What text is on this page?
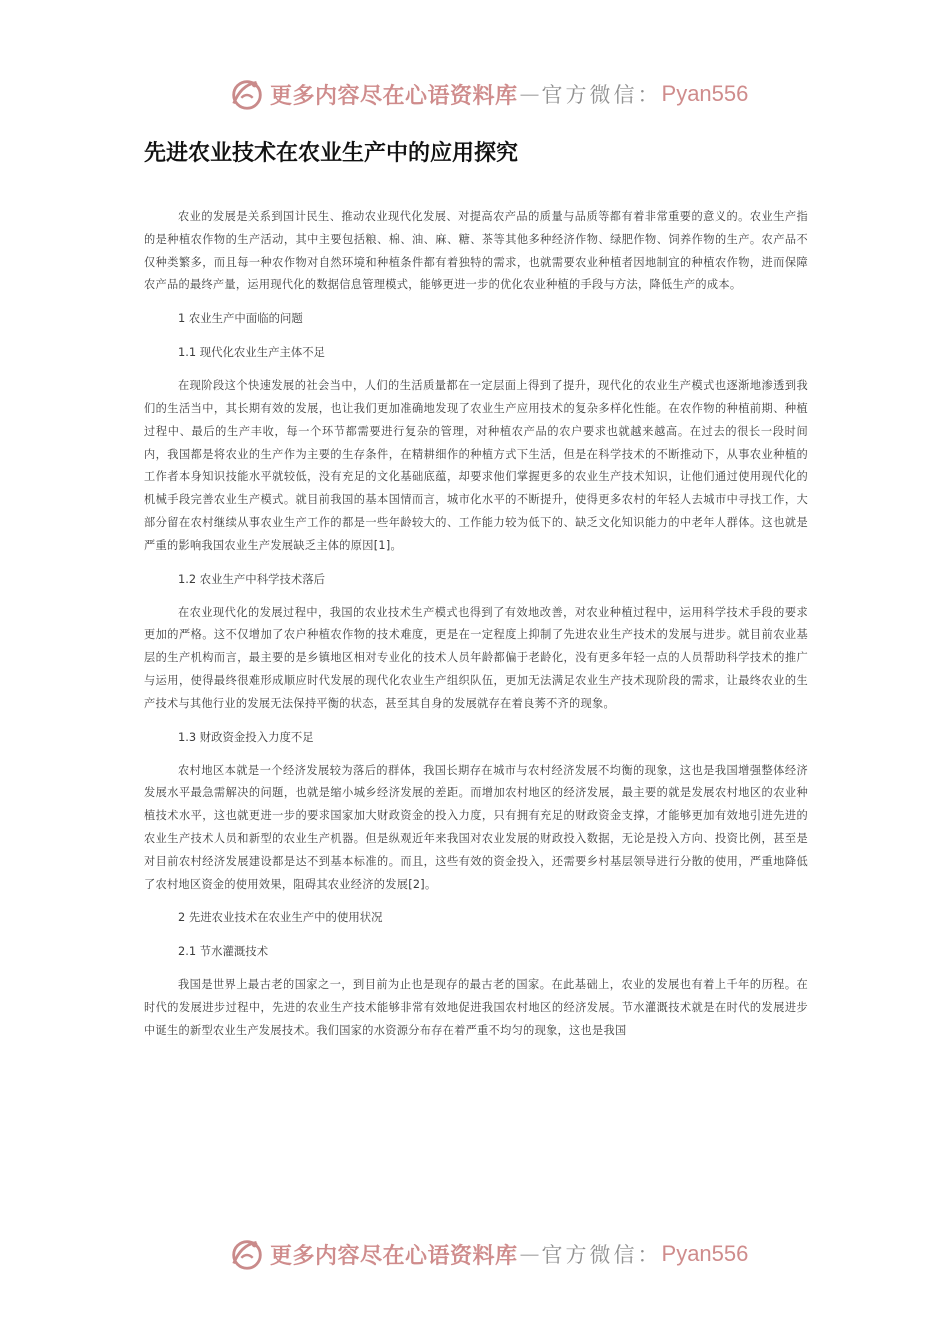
更多内容尽在心语资料库 — 官方微信： Pyan556
先进农业技术在农业生产中的应用探究

农业的发展是关系到国计民生、推动农业现代化发展、对提高农产品的质量与品质等都有着非常重要的意义的。农业生产指的是种植农作物的生产活动，其中主要包括粮、棉、油、麻、糖、茶等其他多种经济作物、绿肥作物、饲养作物的生产。农产品不仅种类繁多，而且每一种农作物对自然环境和种植条件都有着独特的需求，也就需要农业种植者因地制宜的种植农作物，进而保障农产品的最终产量，运用现代化的数据信息管理模式，能够更进一步的优化农业种植的手段与方法，降低生产的成本。

1 农业生产中面临的问题
1.1 现代化农业生产主体不足

在现阶段这个快速发展的社会当中，人们的生活质量都在一定层面上得到了提升，现代化的农业生产模式也逐渐地渗透到我们的生活当中，其长期有效的发展，也让我们更加准确地发现了农业生产应用技术的复杂多样化性能。在农作物的种植前期、种植过程中、最后的生产丰收，每一个环节都需要进行复杂的管理，对种植农产品的农户要求也就越来越高。在过去的很长一段时间内，我国都是将农业的生产作为主要的生存条件，在精耕细作的种植方式下生活，但是在科学技术的不断推动下，从事农业种植的工作者本身知识技能水平就较低，没有充足的文化基础底蕴，却要求他们掌握更多的农业生产技术知识，让他们通过使用现代化的机械手段完善农业生产模式。就目前我国的基本国情而言，城市化水平的不断提升，使得更多农村的年轻人去城市中寻找工作，大部分留在农村继续从事农业生产工作的都是一些年龄较大的、工作能力较为低下的、缺乏文化知识能力的中老年人群体。这也就是严重的影响我国农业生产发展缺乏主体的原因[1]。

1.2 农业生产中科学技术落后

在农业现代化的发展过程中，我国的农业技术生产模式也得到了有效地改善，对农业种植过程中，运用科学技术手段的要求更加的严格。这不仅增加了农户种植农作物的技术难度，更是在一定程度上抑制了先进农业生产技术的发展与进步。就目前农业基层的生产机构而言，最主要的是乡镇地区相对专业化的技术人员年龄都偏于老龄化，没有更多年轻一点的人员帮助科学技术的推广与运用，使得最终很难形成顺应时代发展的现代化农业生产组织队伍，更加无法满足农业生产技术现阶段的需求，让最终农业的生产技术与其他行业的发展无法保持平衡的状态，甚至其自身的发展就存在着良莠不齐的现象。

1.3 财政资金投入力度不足

农村地区本就是一个经济发展较为落后的群体，我国长期存在城市与农村经济发展不均衡的现象，这也是我国增强整体经济发展水平最急需解决的问题，也就是缩小城乡经济发展的差距。而增加农村地区的经济发展，最主要的就是发展农村地区的农业种植技术水平，这也就更进一步的要求国家加大财政资金的投入力度，只有拥有充足的财政资金支撑，才能够更加有效地引进先进的农业生产技术人员和新型的农业生产机器。但是纵观近年来我国对农业发展的财政投入数据，无论是投入方向、投资比例，甚至是对目前农村经济发展建设都是达不到基本标准的。而且，这些有效的资金投入，还需要乡村基层领导进行分散的使用，严重地降低了农村地区资金的使用效果，阻碍其农业经济的发展[2]。

2 先进农业技术在农业生产中的使用状况
2.1 节水灌溉技术

我国是世界上最古老的国家之一，到目前为止也是现存的最古老的国家。在此基础上，农业的发展也有着上千年的历程。在时代的发展进步过程中，先进的农业生产技术能够非常有效地促进我国农村地区的经济发展。节水灌溉技术就是在时代的发展进步中诞生的新型农业生产发展技术。我们国家的水资源分布存在着严重不均匀的现象，这也是我国

更多内容尽在心语资料库 — 官方微信： Pyan556
